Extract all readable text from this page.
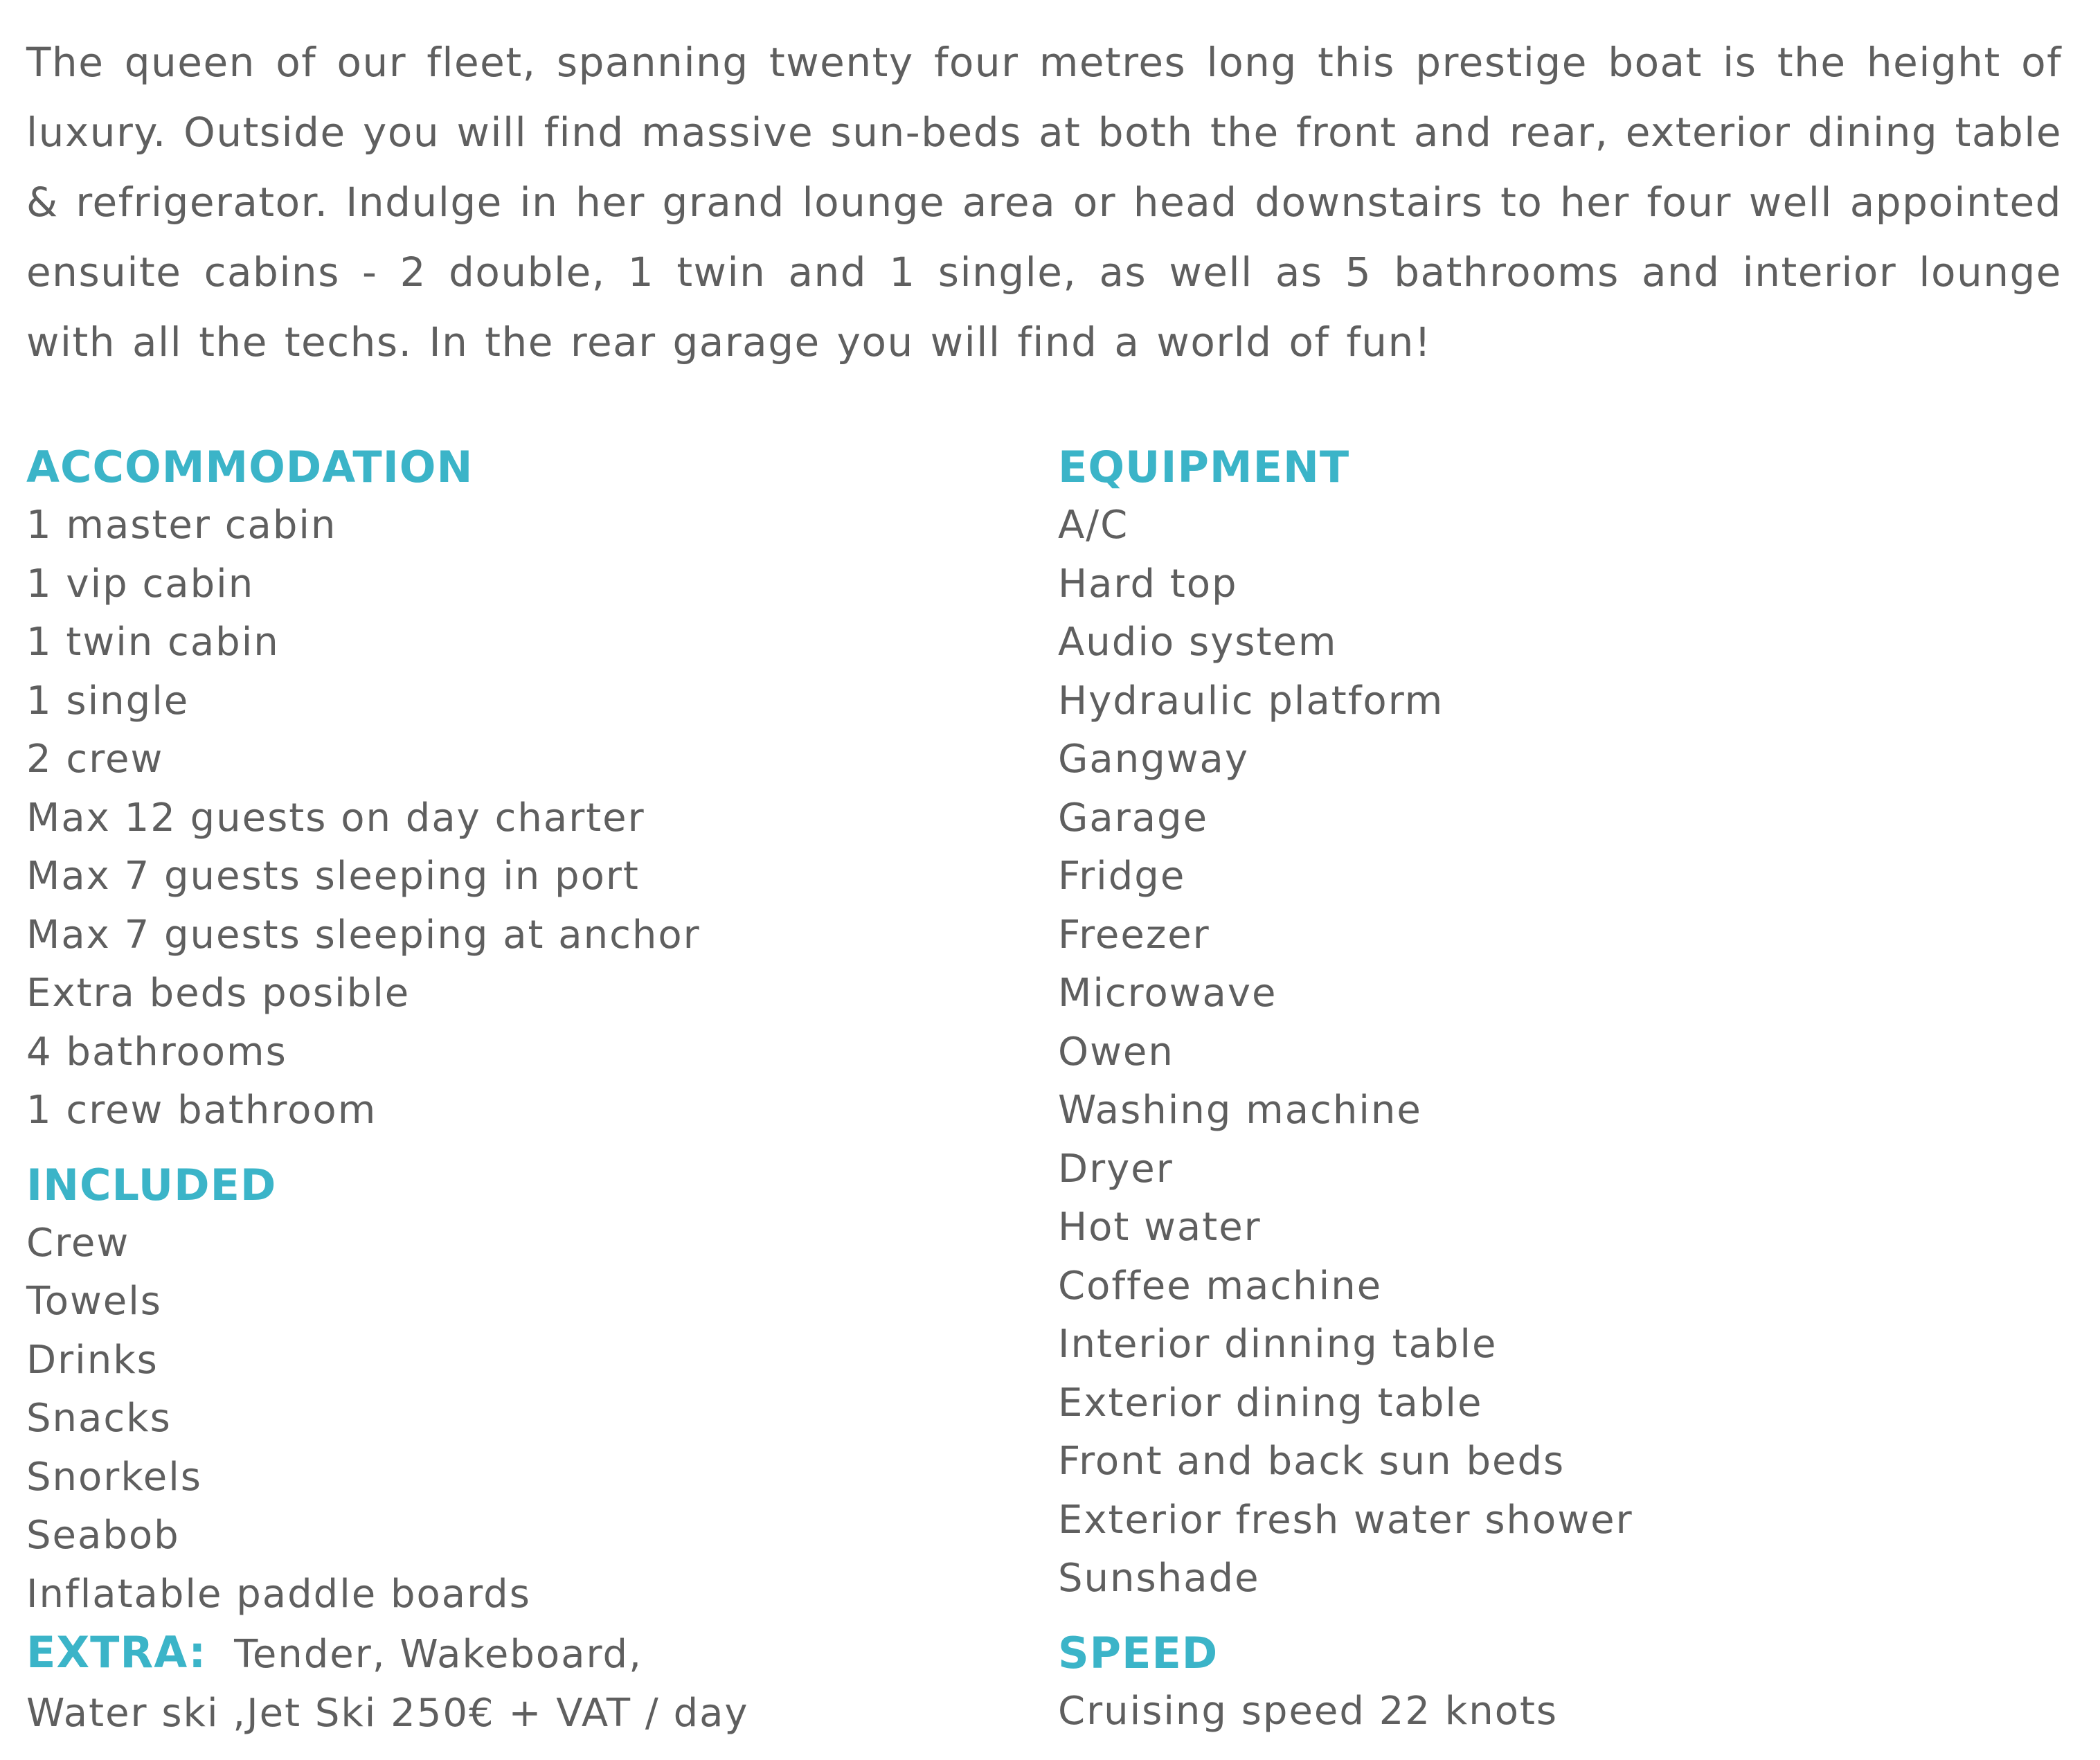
The queen of our fleet, spanning twenty four metres long this prestige boat is the height of luxury. Outside you will find massive sun-beds at both the front and rear, exterior dining table & refrigerator. Indulge in her grand lounge area or head downstairs to her four well appointed ensuite cabins - 2 double, 1 twin and 1 single, as well as 5 bathrooms and interior lounge with all the techs. In the rear garage you will find a world of fun!

ACCOMMODATION
1 master cabin
1 vip cabin
1 twin cabin
1 single
2 crew
Max 12 guests on day charter
Max 7 guests sleeping in port
Max 7 guests sleeping at anchor
Extra beds posible
4 bathrooms
1 crew bathroom
INCLUDED
Crew
Towels
Drinks
Snacks
Snorkels
Seabob
Inflatable paddle boards
EXTRA: Tender, Wakeboard,
Water ski ,Jet Ski 250€ + VAT / day
EQUIPMENT
A/C
Hard top
Audio system
Hydraulic platform
Gangway
Garage
Fridge
Freezer
Microwave
Owen
Washing machine
Dryer
Hot water
Coffee machine
Interior dinning table
Exterior dining table
Front and back sun beds
Exterior fresh water shower
Sunshade
SPEED
Cruising speed 22 knots
